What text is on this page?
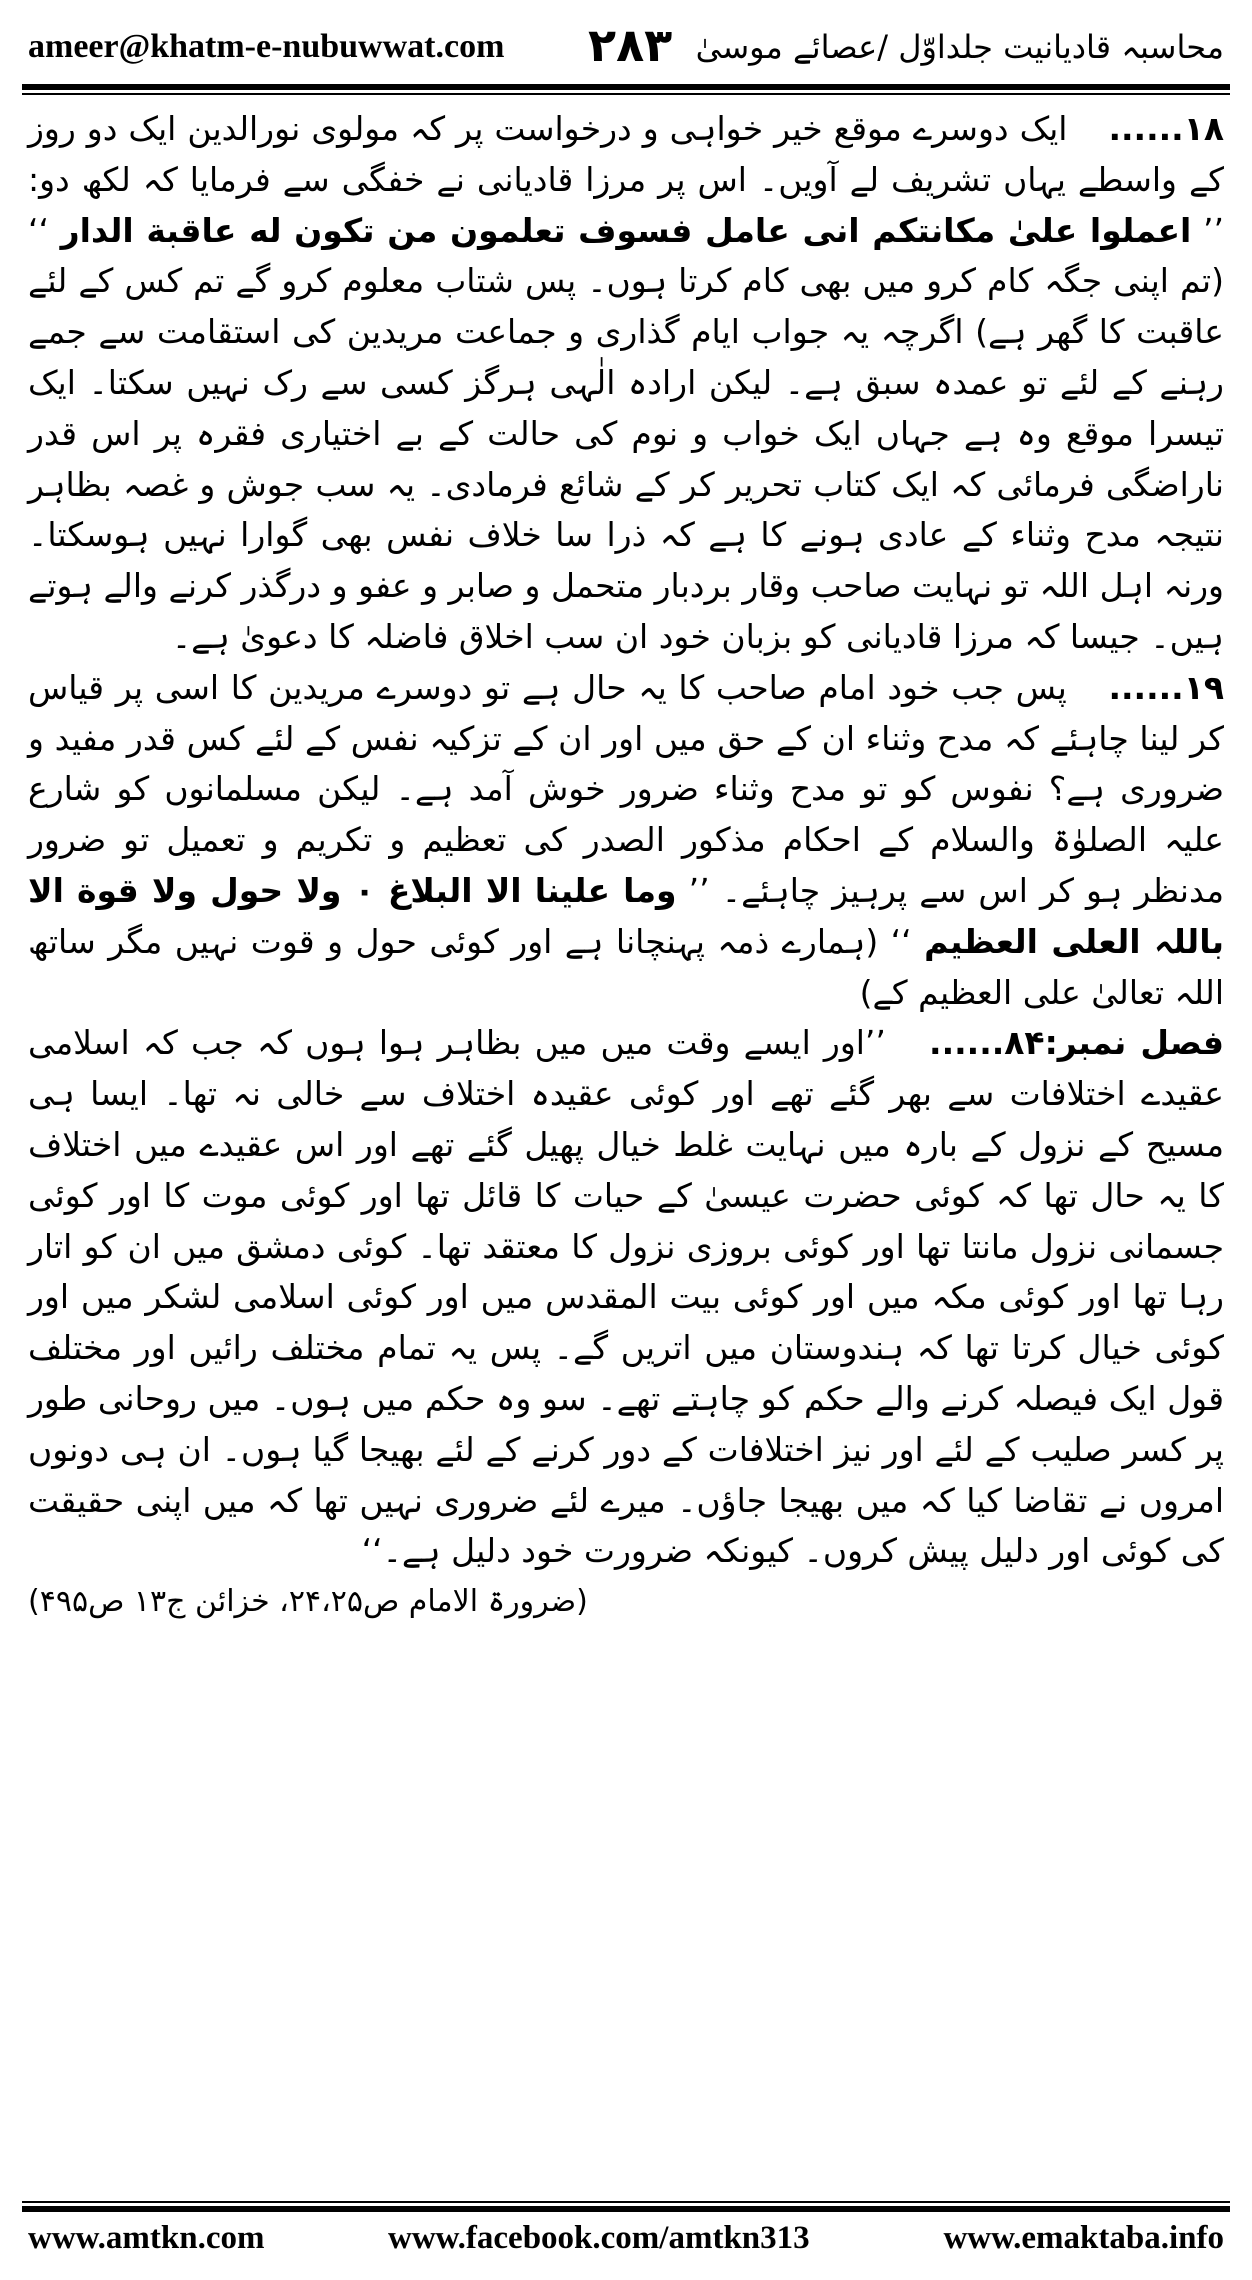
ameer@khatm-e-nubuwwat.com ۲۸۳ محاسبہ قادیانیت جلداوّل /عصائے موسیٰ

۱۸...... ایک دوسرے موقع خیر خواہی و درخواست پر کہ مولوی نورالدین ایک دو روز کے واسطے یہاں تشریف لے آویں۔ اس پر مرزا قادیانی نے خفگی سے فرمایا کہ لکھ دو: ’’ اعملوا علیٰ مکانتکم انی عامل فسوف تعلمون من تکون له عاقبة الدار ‘‘ (تم اپنی جگہ کام کرو میں بھی کام کرتا ہوں۔ پس شتاب معلوم کرو گے تم کس کے لئے عاقبت کا گھر ہے) اگرچہ یہ جواب ایام گذاری و جماعت مریدین کی استقامت سے جمے رہنے کے لئے تو عمدہ سبق ہے۔ لیکن ارادہ الٰہی ہرگز کسی سے رک نہیں سکتا۔ ایک تیسرا موقع وہ ہے جہاں ایک خواب و نوم کی حالت کے بے اختیاری فقرہ پر اس قدر ناراضگی فرمائی کہ ایک کتاب تحریر کر کے شائع فرمادی۔ یہ سب جوش و غصہ بظاہر نتیجہ مدح وثناء کے عادی ہونے کا ہے کہ ذرا سا خلاف نفس بھی گوارا نہیں ہوسکتا۔ ورنہ اہل اللہ تو نہایت صاحب وقار بردبار متحمل و صابر و عفو و درگذر کرنے والے ہوتے ہیں۔ جیسا کہ مرزا قادیانی کو بزبان خود ان سب اخلاق فاضلہ کا دعویٰ ہے۔

۱۹...... پس جب خود امام صاحب کا یہ حال ہے تو دوسرے مریدین کا اسی پر قیاس کر لینا چاہئے کہ مدح وثناء ان کے حق میں اور ان کے تزکیہ نفس کے لئے کس قدر مفید و ضروری ہے؟ نفوس کو تو مدح وثناء ضرور خوش آمد ہے۔ لیکن مسلمانوں کو شارع علیہ الصلوٰۃ والسلام کے احکام مذکور الصدر کی تعظیم و تکریم و تعمیل تو ضرور مدنظر ہو کر اس سے پرہیز چاہئے۔ ’’ وما علینا الا البلاغ ۰ ولا حول ولا قوة الا باللہ العلی العظیم ‘‘ (ہمارے ذمہ پہنچانا ہے اور کوئی حول و قوت نہیں مگر ساتھ اللہ تعالیٰ علی العظیم کے)

فصل نمبر:۸۴...... ’’اور ایسے وقت میں میں بظاہر ہوا ہوں کہ جب کہ اسلامی عقیدے اختلافات سے بھر گئے تھے اور کوئی عقیدہ اختلاف سے خالی نہ تھا۔ ایسا ہی مسیح کے نزول کے بارہ میں نہایت غلط خیال پھیل گئے تھے اور اس عقیدے میں اختلاف کا یہ حال تھا کہ کوئی حضرت عیسیٰ کے حیات کا قائل تھا اور کوئی موت کا اور کوئی جسمانی نزول مانتا تھا اور کوئی بروزی نزول کا معتقد تھا۔ کوئی دمشق میں ان کو اتار رہا تھا اور کوئی مکہ میں اور کوئی بیت المقدس میں اور کوئی اسلامی لشکر میں اور کوئی خیال کرتا تھا کہ ہندوستان میں اتریں گے۔ پس یہ تمام مختلف رائیں اور مختلف قول ایک فیصلہ کرنے والے حکم کو چاہتے تھے۔ سو وہ حکم میں ہوں۔ میں روحانی طور پر کسر صلیب کے لئے اور نیز اختلافات کے دور کرنے کے لئے بھیجا گیا ہوں۔ ان ہی دونوں امروں نے تقاضا کیا کہ میں بھیجا جاؤں۔ میرے لئے ضروری نہیں تھا کہ میں اپنی حقیقت کی کوئی اور دلیل پیش کروں۔ کیونکہ ضرورت خود دلیل ہے۔‘‘
(ضرورۃ الامام ص۲۴،۲۵، خزائن ج۱۳ ص۴۹۵)

www.amtkn.com	www.facebook.com/amtkn313	www.emaktaba.info
